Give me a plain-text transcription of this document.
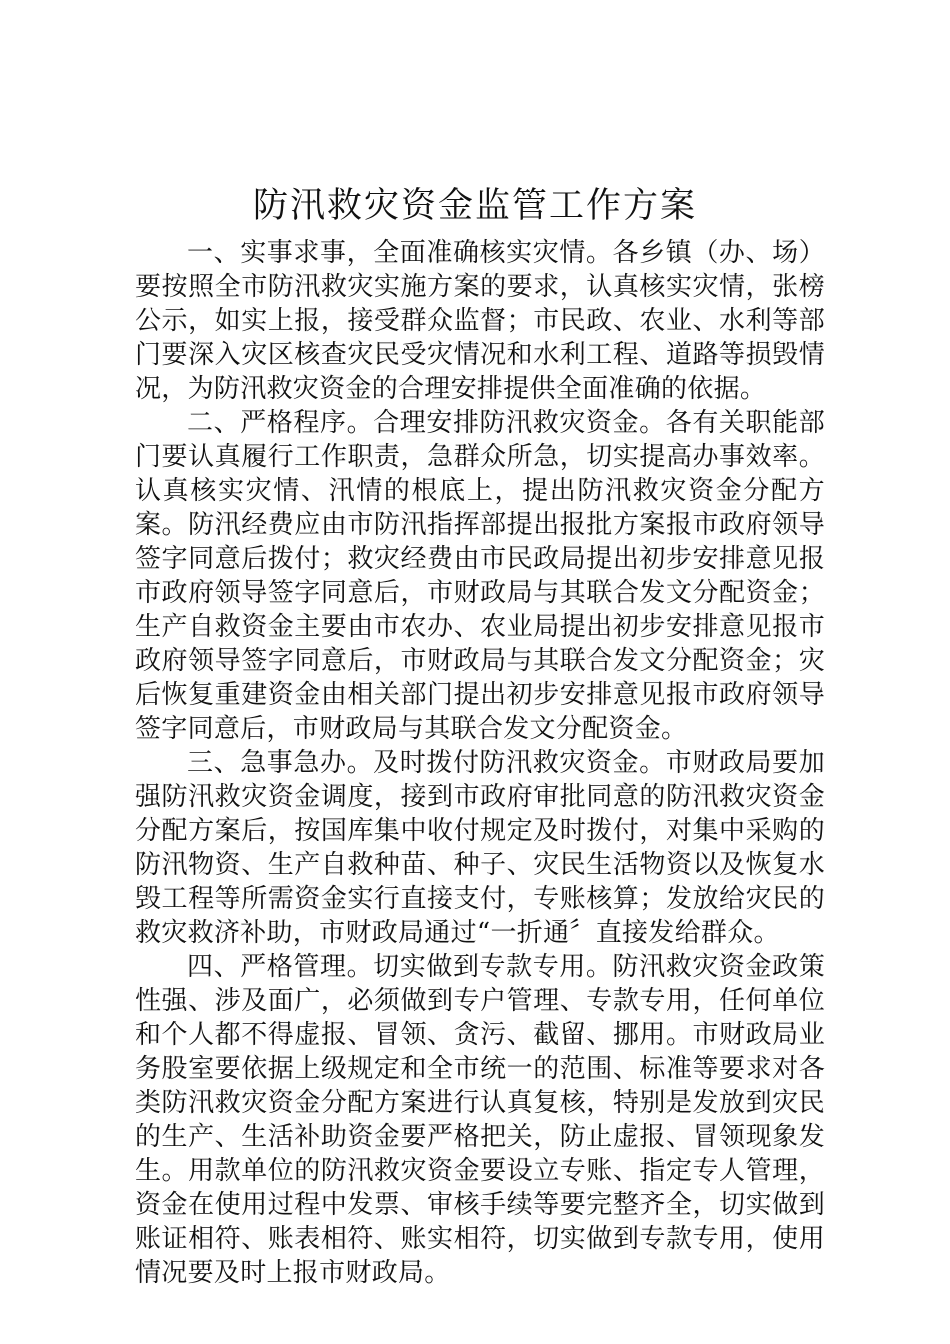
防汛救灾资金监管工作方案

一、实事求事，全面准确核实灾情。各乡镇（办、场）要按照全市防汛救灾实施方案的要求，认真核实灾情，张榜公示，如实上报，接受群众监督；市民政、农业、水利等部门要深入灾区核查灾民受灾情况和水利工程、道路等损毁情况，为防汛救灾资金的合理安排提供全面准确的依据。

二、严格程序。合理安排防汛救灾资金。各有关职能部门要认真履行工作职责，急群众所急，切实提高办事效率。认真核实灾情、汛情的根底上，提出防汛救灾资金分配方案。防汛经费应由市防汛指挥部提出报批方案报市政府领导签字同意后拨付；救灾经费由市民政局提出初步安排意见报市政府领导签字同意后，市财政局与其联合发文分配资金；生产自救资金主要由市农办、农业局提出初步安排意见报市政府领导签字同意后，市财政局与其联合发文分配资金；灾后恢复重建资金由相关部门提出初步安排意见报市政府领导签字同意后，市财政局与其联合发文分配资金。

三、急事急办。及时拨付防汛救灾资金。市财政局要加强防汛救灾资金调度，接到市政府审批同意的防汛救灾资金分配方案后，按国库集中收付规定及时拨付，对集中采购的防汛物资、生产自救种苗、种子、灾民生活物资以及恢复水毁工程等所需资金实行直接支付，专账核算；发放给灾民的救灾救济补助，市财政局通过“一折通〞直接发给群众。

四、严格管理。切实做到专款专用。防汛救灾资金政策性强、涉及面广，必须做到专户管理、专款专用，任何单位和个人都不得虚报、冒领、贪污、截留、挪用。市财政局业务股室要依据上级规定和全市统一的范围、标准等要求对各类防汛救灾资金分配方案进行认真复核，特别是发放到灾民的生产、生活补助资金要严格把关，防止虚报、冒领现象发生。用款单位的防汛救灾资金要设立专账、指定专人管理，资金在使用过程中发票、审核手续等要完整齐全，切实做到账证相符、账表相符、账实相符，切实做到专款专用，使用情况要及时上报市财政局。
